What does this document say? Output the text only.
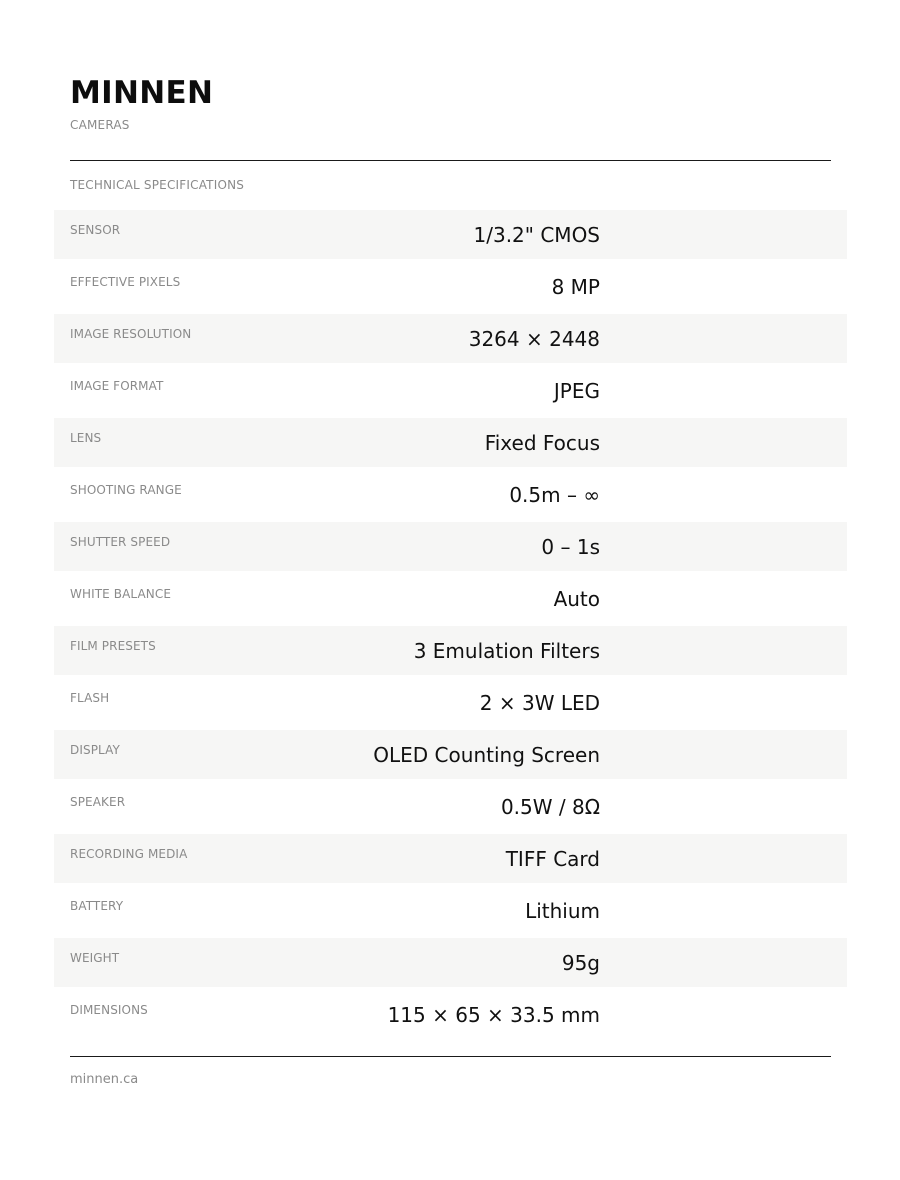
MINNEN
CAMERAS
TECHNICAL SPECIFICATIONS
SENSOR	1/3.2" CMOS
EFFECTIVE PIXELS	8 MP
IMAGE RESOLUTION	3264 × 2448
IMAGE FORMAT	JPEG
LENS	Fixed Focus
SHOOTING RANGE	0.5m – ∞
SHUTTER SPEED	0 – 1s
WHITE BALANCE	Auto
FILM PRESETS	3 Emulation Filters
FLASH	2 × 3W LED
DISPLAY	OLED Counting Screen
SPEAKER	0.5W / 8Ω
RECORDING MEDIA	TIFF Card
BATTERY	Lithium
WEIGHT	95g
DIMENSIONS	115 × 65 × 33.5 mm
minnen.ca
